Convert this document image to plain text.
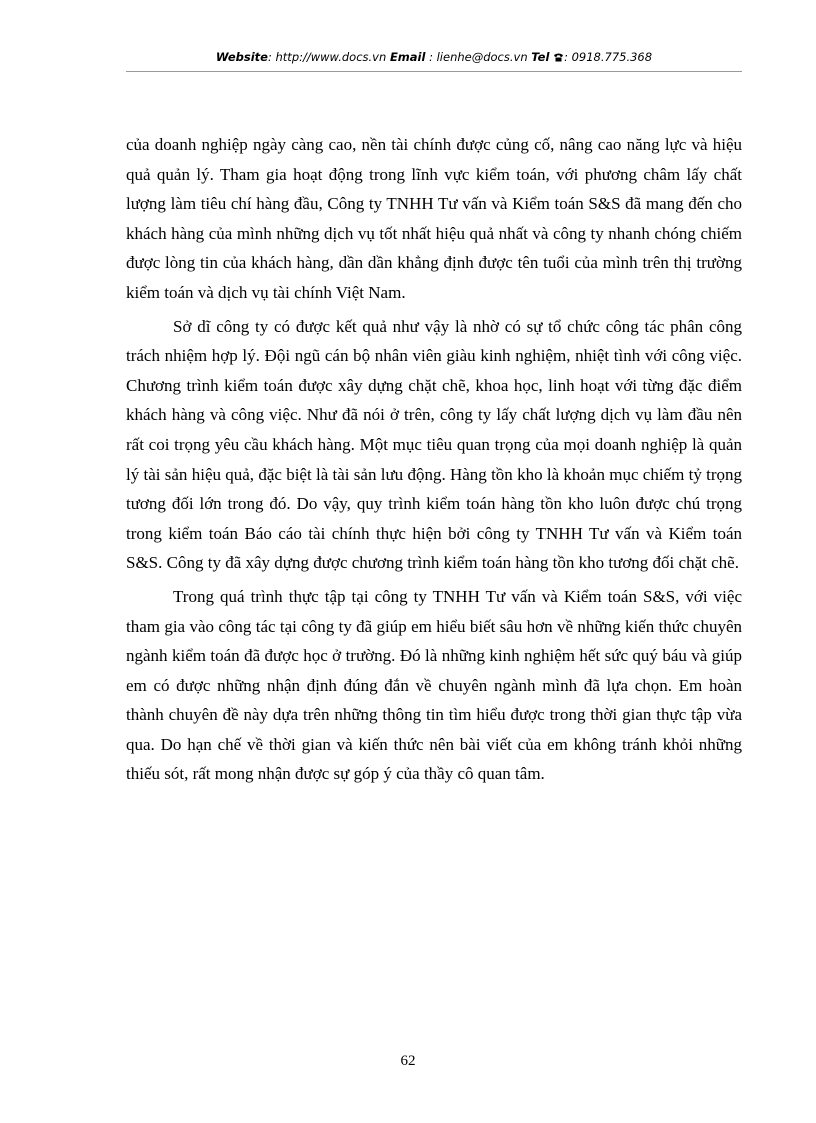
Website: http://www.docs.vn Email : lienhe@docs.vn Tel : 0918.775.368

của doanh nghiệp ngày càng cao, nền tài chính được củng cố, nâng cao năng lực và hiệu quả quản lý. Tham gia hoạt động trong lĩnh vực kiểm toán, với phương châm lấy chất lượng làm tiêu chí hàng đầu, Công ty TNHH Tư vấn và Kiểm toán S&S đã mang đến cho khách hàng của mình những dịch vụ tốt nhất hiệu quả nhất và công ty nhanh chóng chiếm được lòng tin của khách hàng, dần dần khẳng định được tên tuổi của mình trên thị trường kiểm toán và dịch vụ tài chính Việt Nam.

Sở dĩ công ty có được kết quả như vậy là nhờ có sự tổ chức công tác phân công trách nhiệm hợp lý. Đội ngũ cán bộ nhân viên giàu kinh nghiệm, nhiệt tình với công việc. Chương trình kiểm toán được xây dựng chặt chẽ, khoa học, linh hoạt với từng đặc điểm khách hàng và công việc. Như đã nói ở trên, công ty lấy chất lượng dịch vụ làm đầu nên rất coi trọng yêu cầu khách hàng. Một mục tiêu quan trọng của mọi doanh nghiệp là quản lý tài sản hiệu quả, đặc biệt là tài sản lưu động. Hàng tồn kho là khoản mục chiếm tỷ trọng tương đối lớn trong đó. Do vậy, quy trình kiểm toán hàng tồn kho luôn được chú trọng trong kiểm toán Báo cáo tài chính thực hiện bởi công ty TNHH Tư vấn và Kiểm toán S&S. Công ty đã xây dựng được chương trình kiểm toán hàng tồn kho tương đối chặt chẽ.

Trong quá trình thực tập tại công ty TNHH Tư vấn và Kiểm toán S&S, với việc tham gia vào công tác tại công ty đã giúp em hiểu biết sâu hơn về những kiến thức chuyên ngành kiểm toán đã được học ở trường. Đó là những kinh nghiệm hết sức quý báu và giúp em có được những nhận định đúng đắn về chuyên ngành mình đã lựa chọn. Em hoàn thành chuyên đề này dựa trên những thông tin tìm hiểu được trong thời gian thực tập vừa qua. Do hạn chế về thời gian và kiến thức nên bài viết của em không tránh khỏi những thiếu sót, rất mong nhận được sự góp ý của thầy cô quan tâm.

62
